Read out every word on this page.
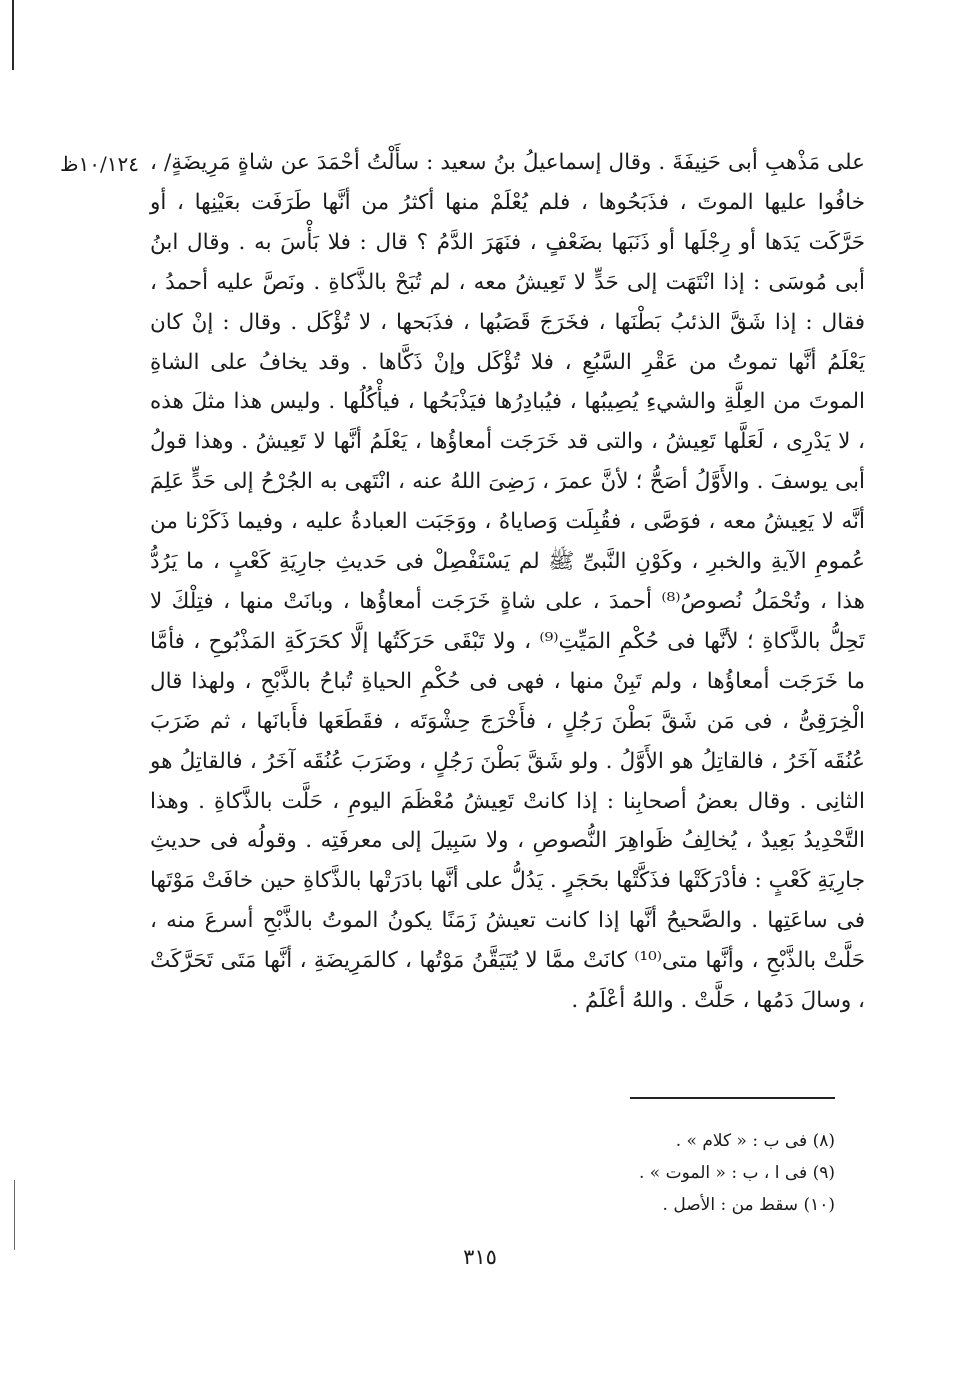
١٠/١٢٤ظ على مَذْهبِ أبى حَنِيفَةَ . وقال إسماعيلُ بنُ سعيد : سأَلْتُ أحْمَدَ عن شاةٍ مَرِيضَةٍ/ ، خافُوا عليها الموتَ ، فذَبَحُوها ، فلم يُعْلَمْ منها أكثرُ من أنَّها طَرَفَت بعَيْنِها ، أو حَرَّكَت يَدَها أو رِجْلَها أو ذَنَبَها بضَعْفٍ ، فنَهَرَ الدَّمُ ؟ قال : فلا بَأْسَ به . وقال ابنُ أبى مُوسَى : إذا انْتَهَت إلى حَدٍّ لا تَعِيشُ معه ، لم تُبَحْ بالذَّكاةِ . ونَصَّ عليه أحمدُ ، فقال : إذا شَقَّ الذئبُ بَطْنَها ، فخَرَجَ قَصَبُها ، فذَبَحها ، لا تُؤْكَل . وقال : إنْ كان يَعْلَمُ أنَّها تموتُ من عَقْرِ السَّبُعِ ، فلا تُؤْكَل وإنْ ذَكَّاها . وقد يخافُ على الشاةِ الموتَ من العِلَّةِ والشيءِ يُصِيبُها ، فيُبادِرُها فيَذْبَحُها ، فيأْكُلُها . وليس هذا مثلَ هذه ، لا يَدْرِى ، لَعَلَّها تَعِيشُ ، والتى قد خَرَجَت أمعاؤُها ، يَعْلَمُ أنَّها لا تَعِيشُ . وهذا قولُ أبى يوسفَ . والأَوَّلُ أصَحُّ ؛ لأنَّ عمرَ ، رَضِىَ اللهُ عنه ، انْتَهى به الجُرْحُ إلى حَدٍّ عَلِمَ أنَّه لا يَعِيشُ معه ، فوَصَّى ، فقُبِلَت وَصاياهُ ، ووَجَبَت العبادةُ عليه ، وفيما ذَكَرْنا من عُمومِ الآيةِ والخبرِ ، وكَوْنِ النَّبىِّ ﷺ لم يَسْتَفْصِلْ فى حَديثِ جارِيَةِ كَعْبٍ ، ما يَرُدُّ هذا ، وتُحْمَلُ نُصوصُ⁽⁸⁾ أحمدَ ، على شاةٍ خَرَجَت أمعاؤُها ، وبانَتْ منها ، فتِلْكَ لا تَحِلُّ بالذَّكاةِ ؛ لأنَّها فى حُكْمِ المَيِّتِ⁽⁹⁾ ، ولا تَبْقَى حَرَكَتُها إلَّا كحَرَكَةِ المَذْبُوحِ ، فأمَّا ما خَرَجَت أمعاؤُها ، ولم تَبِنْ منها ، فهى فى حُكْمِ الحياةِ تُباحُ بالذَّبْحِ ، ولهذا قال الْخِرَقِىُّ ، فى مَن شَقَّ بَطْنَ رَجُلٍ ، فأَخْرَجَ حِشْوَتَه ، فقَطَعَها فأَبانَها ، ثم ضَرَبَ عُنُقَه آخَرُ ، فالقاتِلُ هو الأَوَّلُ . ولو شَقَّ بَطْنَ رَجُلٍ ، وضَرَبَ عُنُقَه آخَرُ ، فالقاتِلُ هو الثانِى . وقال بعضُ أصحابِنا : إذا كانتْ تَعِيشُ مُعْظَمَ اليومِ ، حَلَّت بالذَّكاةِ . وهذا التَّحْدِيدُ بَعِيدٌ ، يُخالِفُ ظَواهِرَ النُّصوصِ ، ولا سَبِيلَ إلى معرفَتِه . وقولُه فى حديثِ جارِيَةِ كَعْبٍ : فأدْرَكَتْها فذَكَّتْها بحَجَرٍ . يَدُلُّ على أنَّها بادَرَتْها بالذَّكاةِ حين خافَتْ مَوْتَها فى ساعَتِها . والصَّحيحُ أنَّها إذا كانت تعيشُ زَمَنًا يكونُ الموتُ بالذَّبْحِ أسرعَ منه ، حَلَّتْ بالذَّبْحِ ، وأنَّها متى⁽¹⁰⁾ كانَتْ ممَّا لا يُتَيَقَّنُ مَوْتُها ، كالمَرِيضَةِ ، أنَّها مَتَى تَحَرَّكَتْ ، وسالَ دَمُها ، حَلَّتْ . واللهُ أعْلَمُ .

(٨) فى ب : « كلام » .
(٩) فى ا ، ب : « الموت » .
(١٠) سقط من : الأصل .
٣١٥
